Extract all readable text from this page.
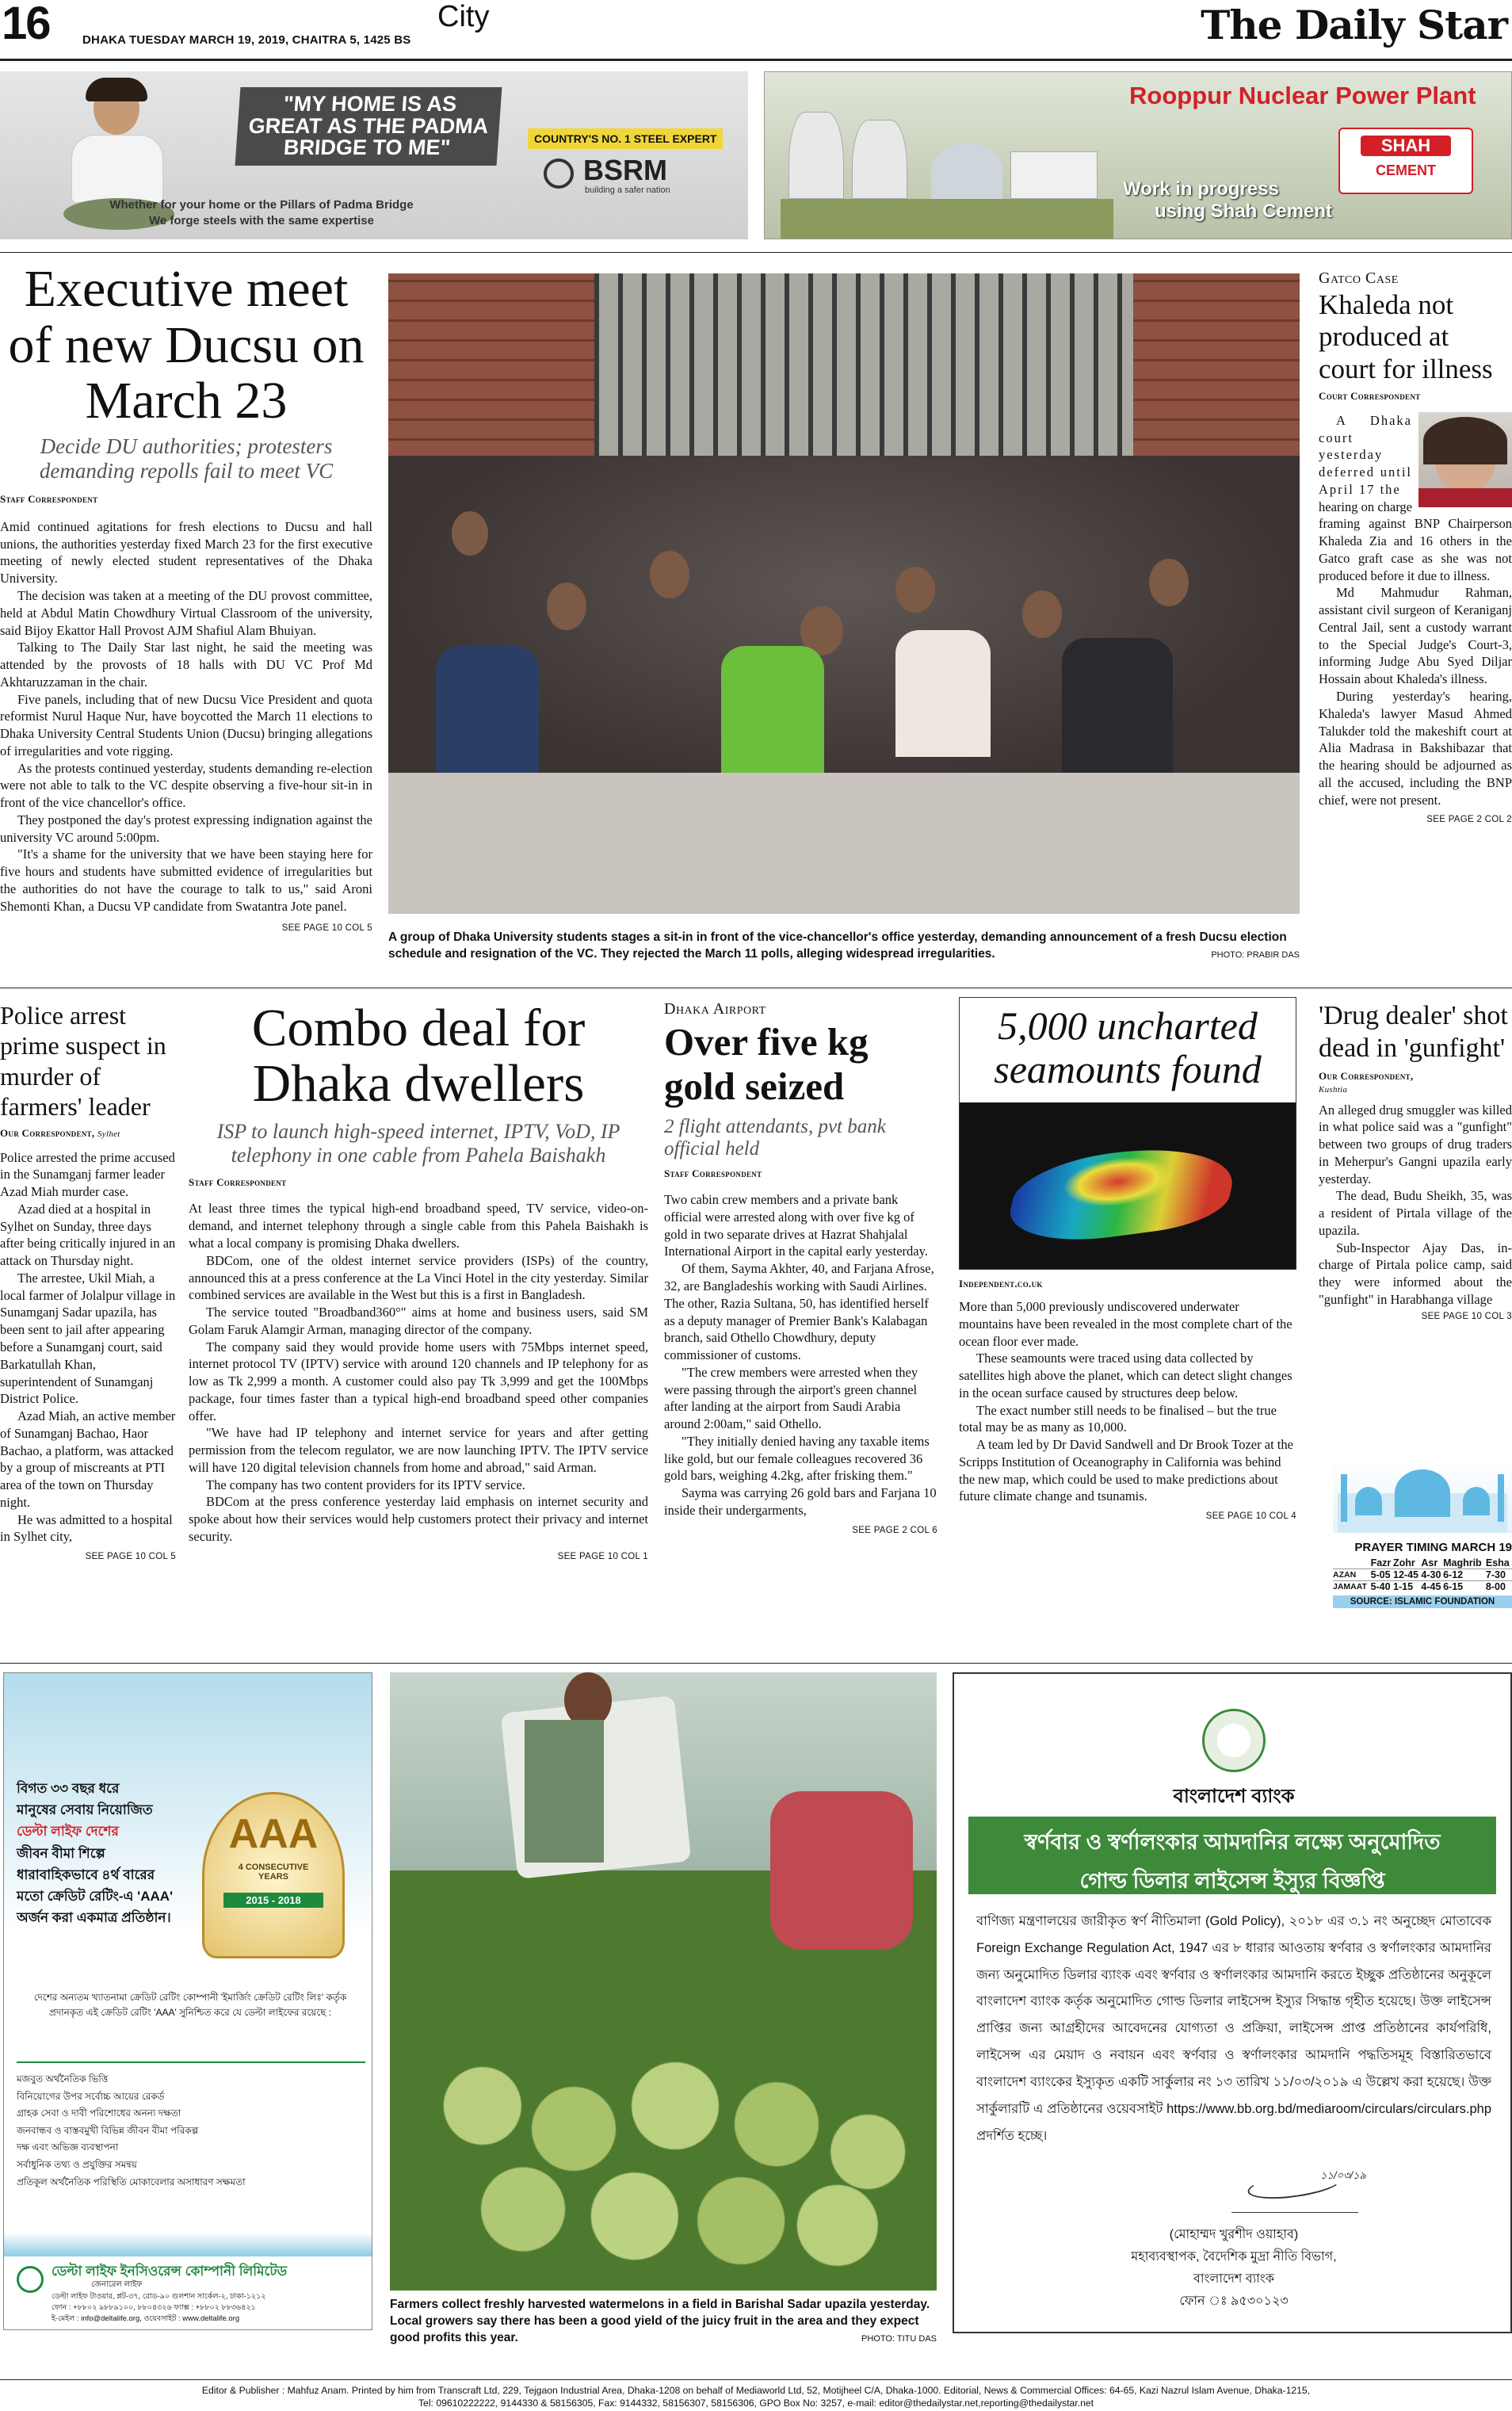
16	DHAKA TUESDAY MARCH 19, 2019, CHAITRA 5, 1425 BS
City	The Daily Star
"MY HOME IS AS GREAT AS THE PADMA BRIDGE TO ME"	COUNTRY'S NO. 1 STEEL EXPERT
BSRM
building a safer nation
Whether for your home or the Pillars of Padma Bridge
We forge steels with the same expertise
Rooppur Nuclear Power Plant
SHAH
CEMENT
Work in progress
using Shah Cement
Executive meet of new Ducsu on March 23
Decide DU authorities; protesters demanding repolls fail to meet VC
Staff Correspondent

Amid continued agitations for fresh elections to Ducsu and hall unions, the authorities yesterday fixed March 23 for the first executive meeting of newly elected student representatives of the Dhaka University.

The decision was taken at a meeting of the DU provost committee, held at Abdul Matin Chowdhury Virtual Classroom of the university, said Bijoy Ekattor Hall Provost AJM Shafiul Alam Bhuiyan.

Talking to The Daily Star last night, he said the meeting was attended by the provosts of 18 halls with DU VC Prof Md Akhtaruzzaman in the chair.

Five panels, including that of new Ducsu Vice President and quota reformist Nurul Haque Nur, have boycotted the March 11 elections to Dhaka University Central Students Union (Ducsu) bringing allegations of irregularities and vote rigging.

As the protests continued yesterday, students demanding re-election were not able to talk to the VC despite observing a five-hour sit-in in front of the vice chancellor's office.

They postponed the day's protest expressing indignation against the university VC around 5:00pm.

"It's a shame for the university that we have been staying here for five hours and students have submitted evidence of irregularities but the authorities do not have the courage to talk to us," said Aroni Shemonti Khan, a Ducsu VP candidate from Swatantra Jote panel.

SEE PAGE 10 COL 5
A group of Dhaka University students stages a sit-in in front of the vice-chancellor's office yesterday, demanding announcement of a fresh Ducsu election schedule and resignation of the VC. They rejected the March 11 polls, alleging widespread irregularities.	PHOTO: PRABIR DAS
Gatco Case
Khaleda not produced at court for illness
Court Correspondent

A Dhaka court yesterday deferred until April 17 the

hearing on charge framing against BNP Chairperson Khaleda Zia and 16 others in the Gatco graft case as she was not produced before it due to illness.

Md Mahmudur Rahman, assistant civil surgeon of Keraniganj Central Jail, sent a custody warrant to the Special Judge's Court-3, informing Judge Abu Syed Diljar Hossain about Khaleda's illness.

During yesterday's hearing, Khaleda's lawyer Masud Ahmed Talukder told the makeshift court at Alia Madrasa in Bakshibazar that the hearing should be adjourned as all the accused, including the BNP chief, were not present.

SEE PAGE 2 COL 2
Police arrest prime suspect in murder of farmers' leader
Our Correspondent, Sylhet

Police arrested the prime accused in the Sunamganj farmer leader Azad Miah murder case.

Azad died at a hospital in Sylhet on Sunday, three days after being critically injured in an attack on Thursday night.

The arrestee, Ukil Miah, a local farmer of Jolalpur village in Sunamganj Sadar upazila, has been sent to jail after appearing before a Sunamganj court, said Barkatullah Khan, superintendent of Sunamganj District Police.

Azad Miah, an active member of Sunamganj Bachao, Haor Bachao, a platform, was attacked by a group of miscreants at PTI area of the town on Thursday night.

He was admitted to a hospital in Sylhet city,

SEE PAGE 10 COL 5
Combo deal for Dhaka dwellers
ISP to launch high-speed internet, IPTV, VoD, IP telephony in one cable from Pahela Baishakh
Staff Correspondent

At least three times the typical high-end broadband speed, TV service, video-on-demand, and internet telephony through a single cable from this Pahela Baishakh is what a local company is promising Dhaka dwellers.

BDCom, one of the oldest internet service providers (ISPs) of the country, announced this at a press conference at the La Vinci Hotel in the city yesterday. Similar combined services are available in the West but this is a first in Bangladesh.

The service touted "Broadband360°" aims at home and business users, said SM Golam Faruk Alamgir Arman, managing director of the company.

The company said they would provide home users with 75Mbps internet speed, internet protocol TV (IPTV) service with around 120 channels and IP telephony for as low as Tk 2,999 a month. A customer could also pay Tk 3,999 and get the 100Mbps package, four times faster than a typical high-end broadband speed other companies offer.

"We have had IP telephony and internet service for years and after getting permission from the telecom regulator, we are now launching IPTV. The IPTV service will have 120 digital television channels from home and abroad," said Arman.

The company has two content providers for its IPTV service.

BDCom at the press conference yesterday laid emphasis on internet security and spoke about how their services would help customers protect their privacy and internet security.

SEE PAGE 10 COL 1
Dhaka Airport
Over five kg gold seized
2 flight attendants, pvt bank official held
Staff Correspondent

Two cabin crew members and a private bank official were arrested along with over five kg of gold in two separate drives at Hazrat Shahjalal International Airport in the capital early yesterday.

Of them, Sayma Akhter, 40, and Farjana Afrose, 32, are Bangladeshis working with Saudi Airlines. The other, Razia Sultana, 50, has identified herself as a deputy manager of Premier Bank's Kalabagan branch, said Othello Chowdhury, deputy commissioner of customs.

"The crew members were arrested when they were passing through the airport's green channel after landing at the airport from Saudi Arabia around 2:00am," said Othello.

"They initially denied having any taxable items like gold, but our female colleagues recovered 36 gold bars, weighing 4.2kg, after frisking them."

Sayma was carrying 26 gold bars and Farjana 10 inside their undergarments,

SEE PAGE 2 COL 6
5,000 uncharted seamounts found
Independent.co.uk

More than 5,000 previously undiscovered underwater mountains have been revealed in the most complete chart of the ocean floor ever made.

These seamounts were traced using data collected by satellites high above the planet, which can detect slight changes in the ocean surface caused by structures deep below.

The exact number still needs to be finalised – but the true total may be as many as 10,000.

A team led by Dr David Sandwell and Dr Brook Tozer at the Scripps Institution of Oceanography in California was behind the new map, which could be used to make predictions about future climate change and tsunamis.

SEE PAGE 10 COL 4
'Drug dealer' shot dead in 'gunfight'
Our Correspondent,
Kushtia

An alleged drug smuggler was killed in what police said was a "gunfight" between two groups of drug traders in Meherpur's Gangni upazila early yesterday.

The dead, Budu Sheikh, 35, was a resident of Pirtala village of the upazila.

Sub-Inspector Ajay Das, in-charge of Pirtala police camp, said they were informed about the "gunfight" in Harabhanga village

SEE PAGE 10 COL 3
PRAYER TIMING MARCH 19
	Fazr	Zohr	Asr	Maghrib	Esha
AZAN	5-05	12-45	4-30	6-12	7-30
JAMAAT	5-40	1-15	4-45	6-15	8-00
SOURCE: ISLAMIC FOUNDATION
বিগত ৩৩ বছর ধরে
মানুষের সেবায় নিয়োজিত
ডেল্টা লাইফ দেশের
জীবন বীমা শিল্পে
ধারাবাহিকভাবে ৪র্থ বারের
মতো ক্রেডিট রেটিং-এ 'AAA'
অর্জন করা একমাত্র প্রতিষ্ঠান।
AAA
4 CONSECUTIVE YEARS
2015 - 2018
দেশের অন্যতম খ্যাতনামা ক্রেডিট রেটিং কোম্পানী 'ইমার্জিং ক্রেডিট রেটিং লিঃ' কর্তৃক প্রদানকৃত এই ক্রেডিট রেটিং 'AAA' সুনিশ্চিত করে যে ডেল্টা লাইফের রয়েছে :
মজবুত অর্থনৈতিক ভিত্তি
বিনিয়োগের উপর সর্বোচ্চ আয়ের রেকর্ড
গ্রাহক সেবা ও দাবী পরিশোধের অনন্য দক্ষতা
জনবান্ধব ও বাস্তবমুখী বিভিন্ন জীবন বীমা পরিকল্প
দক্ষ এবং অভিজ্ঞ ব্যবস্থাপনা
সর্বাধুনিক তথ্য ও প্রযুক্তির সমন্বয়
প্রতিকূল অর্থনৈতিক পরিস্থিতি মোকাবেলার অসাধারণ সক্ষমতা
ডেল্টা লাইফ ইনসিওরেন্স কোম্পানী লিমিটেড
জেনারেল লাইফ
ডেল্টা লাইফ টাওয়ার, প্লট-৩৭, রোড-৯০ গুলশান সার্কেল-২, ঢাকা-১২১২
ফোন : +৮৮০২ ৯৮৮৯১০০, ৮৮০৪৩২৬ ফ্যাক্স : +৮৮০২ ৮৮৩৬৪২১
ই-মেইল : info@deltalife.org, ওয়েবসাইট : www.deltalife.org
Farmers collect freshly harvested watermelons in a field in Barishal Sadar upazila yesterday. Local growers say there has been a good yield of the juicy fruit in the area and they expect good profits this year.	PHOTO: TITU DAS
বাংলাদেশ ব্যাংক
স্বর্ণবার ও স্বর্ণালংকার আমদানির লক্ষ্যে অনুমোদিত
গোল্ড ডিলার লাইসেন্স ইস্যুর বিজ্ঞপ্তি
বাণিজ্য মন্ত্রণালয়ের জারীকৃত স্বর্ণ নীতিমালা (Gold Policy), ২০১৮ এর ৩.১ নং অনুচ্ছেদ মোতাবেক Foreign Exchange Regulation Act, 1947 এর ৮ ধারার আওতায় স্বর্ণবার ও স্বর্ণালংকার আমদানির জন্য অনুমোদিত ডিলার ব্যাংক এবং স্বর্ণবার ও স্বর্ণালংকার আমদানি করতে ইচ্ছুক প্রতিষ্ঠানের অনুকূলে বাংলাদেশ ব্যাংক কর্তৃক অনুমোদিত গোল্ড ডিলার লাইসেন্স ইস্যুর সিদ্ধান্ত গৃহীত হয়েছে। উক্ত লাইসেন্স প্রাপ্তির জন্য আগ্রহীদের আবেদনের যোগ্যতা ও প্রক্রিয়া, লাইসেন্স প্রাপ্ত প্রতিষ্ঠানের কার্যপরিধি, লাইসেন্স এর মেয়াদ ও নবায়ন এবং স্বর্ণবার ও স্বর্ণালংকার আমদানি পদ্ধতিসমূহ বিস্তারিতভাবে বাংলাদেশ ব্যাংকের ইস্যুকৃত একটি সার্কুলার নং ১৩ তারিখ ১১/০৩/২০১৯ এ উল্লেখ করা হয়েছে। উক্ত সার্কুলারটি এ প্রতিষ্ঠানের ওয়েবসাইট https://www.bb.org.bd/mediaroom/circulars/circulars.php প্রদর্শিত হচ্ছে।
১১/০৩/১৯
(মোহাম্মদ খুরশীদ ওয়াহাব)
মহাব্যবস্থাপক, বৈদেশিক মুদ্রা নীতি বিভাগ,
বাংলাদেশ ব্যাংক
ফোন ঃ ৯৫৩০১২৩
Editor & Publisher : Mahfuz Anam. Printed by him from Transcraft Ltd, 229, Tejgaon Industrial Area, Dhaka-1208 on behalf of Mediaworld Ltd, 52, Motijheel C/A, Dhaka-1000. Editorial, News & Commercial Offices: 64-65, Kazi Nazrul Islam Avenue, Dhaka-1215,
Tel: 09610222222, 9144330 & 58156305, Fax: 9144332, 58156307, 58156306, GPO Box No: 3257, e-mail: editor@thedailystar.net,reporting@thedailystar.net
